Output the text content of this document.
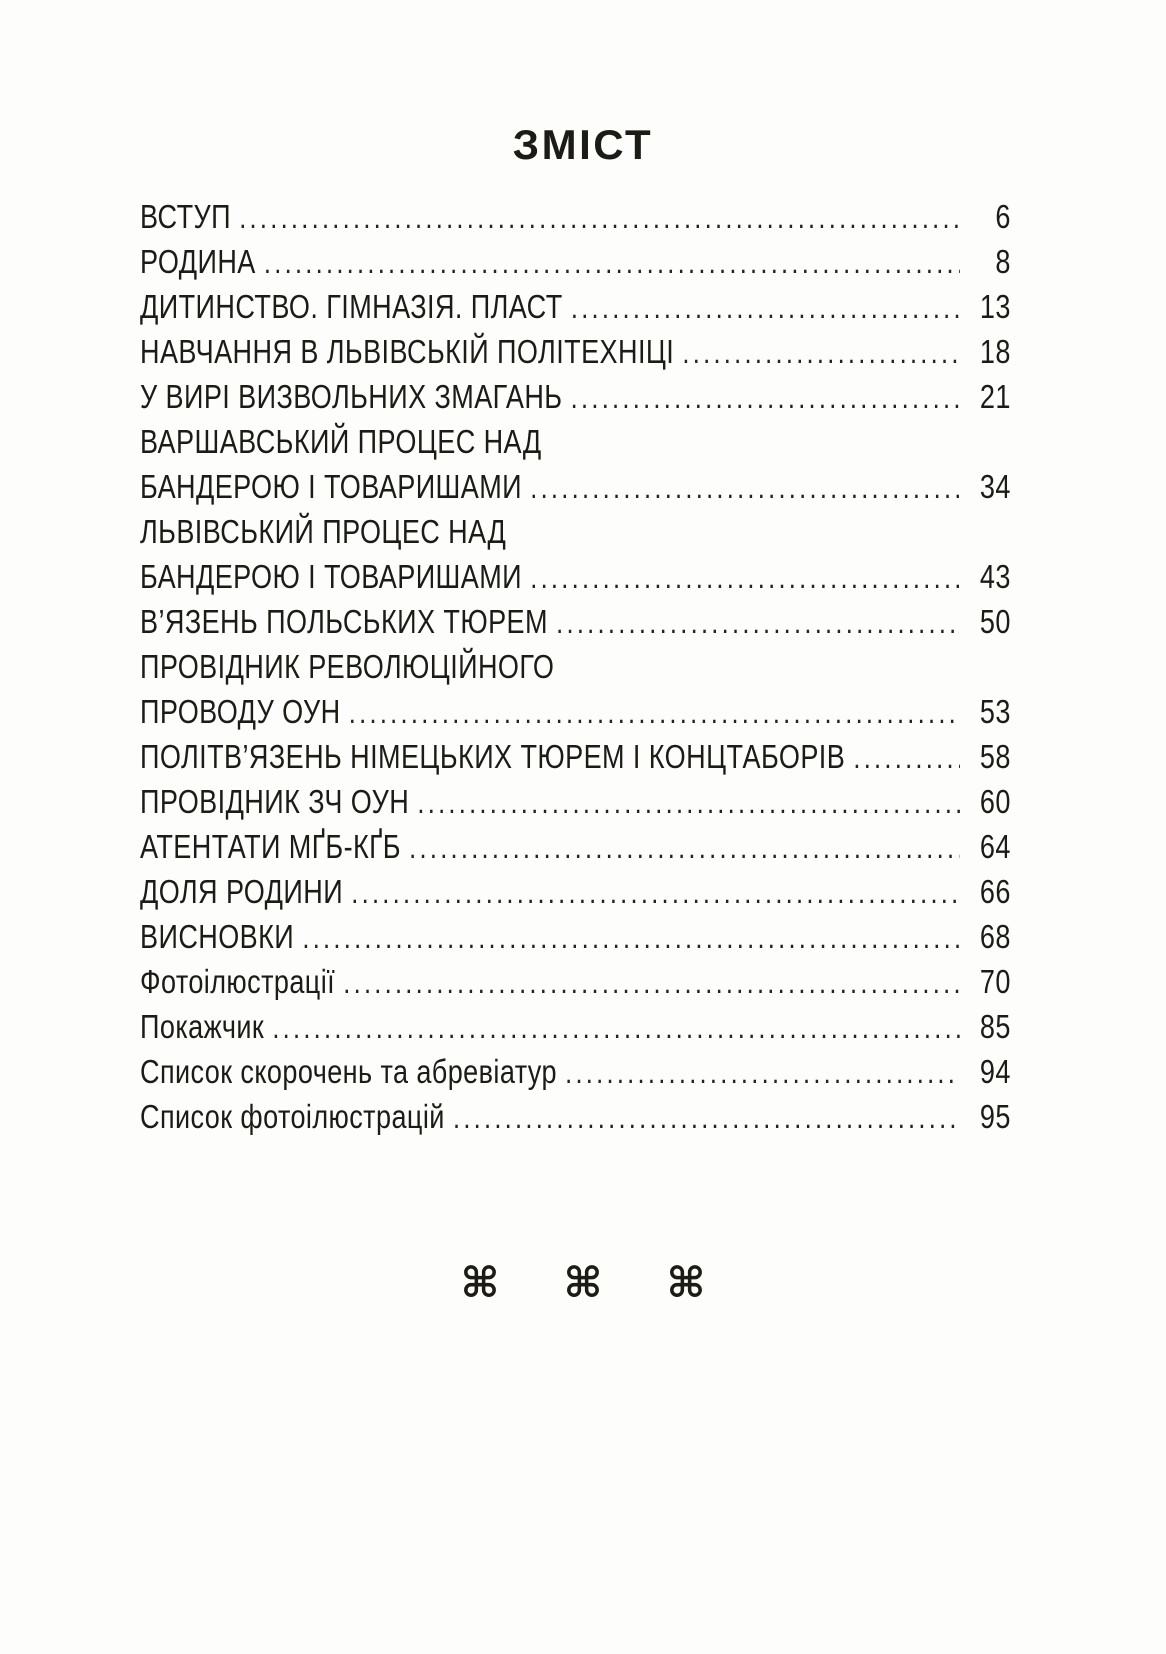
ЗМІСТ
ВСТУП .....	6
РОДИНА .....	8
ДИТИНСТВО. ГІМНАЗІЯ. ПЛАСТ .....	13
НАВЧАННЯ В ЛЬВІВСЬКІЙ ПОЛІТЕХНІЦІ .....	18
У ВИРІ ВИЗВОЛЬНИХ ЗМАГАНЬ .....	21
ВАРШАВСЬКИЙ ПРОЦЕС НАД
БАНДЕРОЮ І ТОВАРИШАМИ .....	34
ЛЬВІВСЬКИЙ ПРОЦЕС НАД
БАНДЕРОЮ І ТОВАРИШАМИ .....	43
В’ЯЗЕНЬ ПОЛЬСЬКИХ ТЮРЕМ .....	50
ПРОВІДНИК РЕВОЛЮЦІЙНОГО
ПРОВОДУ ОУН .....	53
ПОЛІТВ’ЯЗЕНЬ НІМЕЦЬКИХ ТЮРЕМ І КОНЦТАБОРІВ .....	58
ПРОВІДНИК ЗЧ ОУН .....	60
АТЕНТАТИ МҐБ-КҐБ .....	64
ДОЛЯ РОДИНИ .....	66
ВИСНОВКИ .....	68
Фотоілюстрації .....	70
Покажчик .....	85
Список скорочень та абревіатур .....	94
Список фотоілюстрацій .....	95
⌘ ⌘ ⌘
